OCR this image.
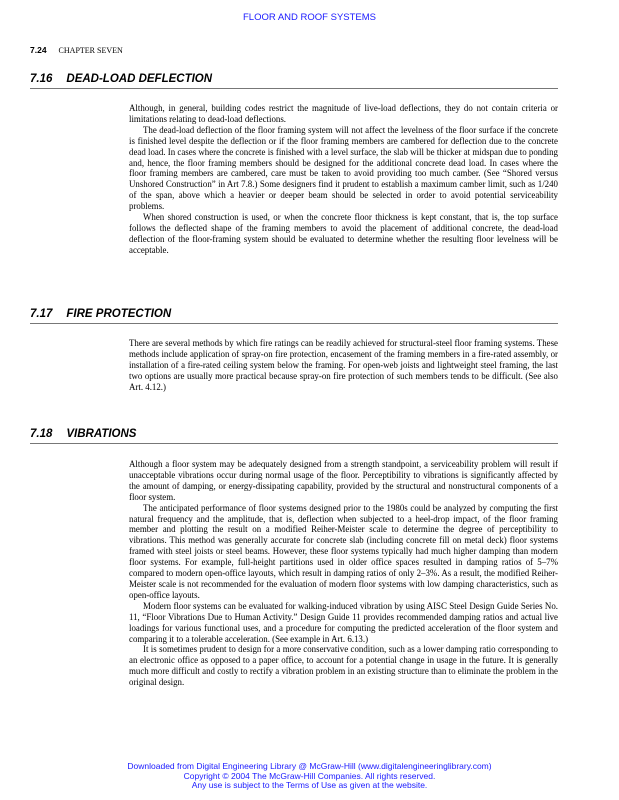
FLOOR AND ROOF SYSTEMS
7.24 CHAPTER SEVEN
7.16 DEAD-LOAD DEFLECTION

Although, in general, building codes restrict the magnitude of live-load deflections, they do not contain criteria or limitations relating to dead-load deflections.

The dead-load deflection of the floor framing system will not affect the levelness of the floor surface if the concrete is finished level despite the deflection or if the floor framing members are cambered for deflection due to the concrete dead load. In cases where the concrete is finished with a level surface, the slab will be thicker at midspan due to ponding and, hence, the floor framing members should be designed for the additional concrete dead load. In cases where the floor framing members are cambered, care must be taken to avoid providing too much camber. (See “Shored versus Unshored Construction” in Art 7.8.) Some designers find it prudent to establish a maximum camber limit, such as 1/240 of the span, above which a heavier or deeper beam should be selected in order to avoid potential serviceability problems.

When shored construction is used, or when the concrete floor thickness is kept constant, that is, the top surface follows the deflected shape of the framing members to avoid the placement of additional concrete, the dead-load deflection of the floor-framing system should be evaluated to determine whether the resulting floor levelness will be acceptable.

7.17 FIRE PROTECTION

There are several methods by which fire ratings can be readily achieved for structural-steel floor framing systems. These methods include application of spray-on fire protection, encasement of the framing members in a fire-rated assembly, or installation of a fire-rated ceiling system below the framing. For open-web joists and lightweight steel framing, the last two options are usually more practical because spray-on fire protection of such members tends to be difficult. (See also Art. 4.12.)

7.18 VIBRATIONS

Although a floor system may be adequately designed from a strength standpoint, a serviceability problem will result if unacceptable vibrations occur during normal usage of the floor. Perceptibility to vibrations is significantly affected by the amount of damping, or energy-dissipating capability, provided by the structural and nonstructural components of a floor system.

The anticipated performance of floor systems designed prior to the 1980s could be analyzed by computing the first natural frequency and the amplitude, that is, deflection when subjected to a heel-drop impact, of the floor framing member and plotting the result on a modified Reiher-Meister scale to determine the degree of perceptibility to vibrations. This method was generally accurate for concrete slab (including concrete fill on metal deck) floor systems framed with steel joists or steel beams. However, these floor systems typically had much higher damping than modern floor systems. For example, full-height partitions used in older office spaces resulted in damping ratios of 5–7% compared to modern open-office layouts, which result in damping ratios of only 2–3%. As a result, the modified Reiher-Meister scale is not recommended for the evaluation of modern floor systems with low damping characteristics, such as open-office layouts.

Modern floor systems can be evaluated for walking-induced vibration by using AISC Steel Design Guide Series No. 11, “Floor Vibrations Due to Human Activity.” Design Guide 11 provides recommended damping ratios and actual live loadings for various functional uses, and a procedure for computing the predicted acceleration of the floor system and comparing it to a tolerable acceleration. (See example in Art. 6.13.)

It is sometimes prudent to design for a more conservative condition, such as a lower damping ratio corresponding to an electronic office as opposed to a paper office, to account for a potential change in usage in the future. It is generally much more difficult and costly to rectify a vibration problem in an existing structure than to eliminate the problem in the original design.

Downloaded from Digital Engineering Library @ McGraw-Hill (www.digitalengineeringlibrary.com)
Copyright © 2004 The McGraw-Hill Companies. All rights reserved.
Any use is subject to the Terms of Use as given at the website.
